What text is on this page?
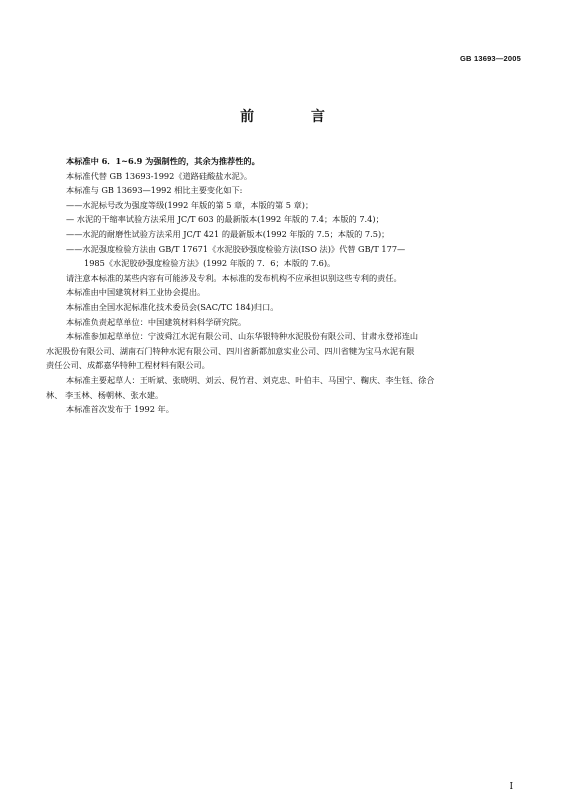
GB 13693—2005
前 言

本标准中 6．1~6.9 为强制性的，其余为推荐性的。

本标准代替 GB 13693-1992《道路硅酸盐水泥》。

本标准与 GB 13693—1992 相比主要变化如下:

——水泥标号改为强度等级(1992 年版的第 5 章，本版的第 5 章)；

— 水泥的干缩率试验方法采用 JC/T 603 的最新版本(1992 年版的 7.4；本版的 7.4)；

——水泥的耐磨性试验方法采用 JC/T 421 的最新版本(1992 年版的 7.5；本版的 7.5)；

——水泥强度检验方法由 GB/T 17671《水泥胶砂强度检验方法(ISO 法)》代替 GB/T 177—

1985《水泥胶砂强度检验方法》(1992 年版的 7．6；本版的 7.6)。

请注意本标准的某些内容有可能涉及专利。本标准的发布机构不应承担识别这些专利的责任。

本标准由中国建筑材料工业协会提出。

本标准由全国水泥标准化技术委员会(SAC/TC 184)归口。

本标准负责起草单位：中国建筑材料科学研究院。

本标准参加起草单位：宁波舜江水泥有限公司、山东华银特种水泥股份有限公司、甘肃永登祁连山

水泥股份有限公司、湖南石门特种水泥有限公司、四川省新都加意实业公司、四川省犍为宝马水泥有限

责任公司、成都嘉华特种工程材料有限公司。

本标准主要起草人：王昕斌、张晓明、刘云、倪竹君、刘克忠、叶伯丰、马国宁、鞠庆、李生钰、徐合

林、 李玉林、杨朝林、张水建。

本标准首次发布于 1992 年。

I
